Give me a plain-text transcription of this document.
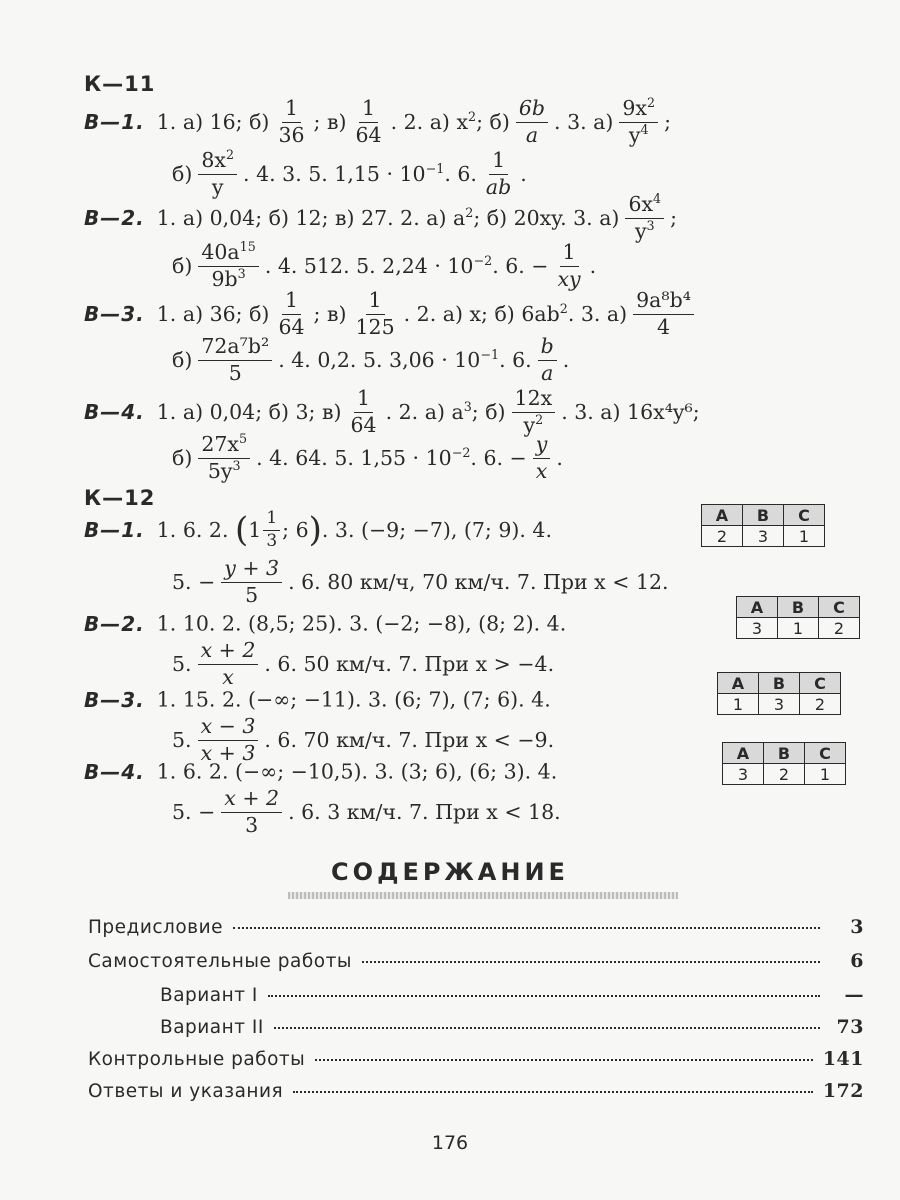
К—11
В—1. 1. а) 16; $б) \frac{1}{36}$ ; $в) \frac{1}{64}$ . 2. а) $x^2$; $б) \frac{6b}{a}$ . 3. $а) \frac{9x^2}{y^4}$ ;
$б) \frac{8x^2}{y}$ . 4. 3. 5. $1,15 \cdot 10^{-1}$. 6. $\frac{1}{ab}$ .
В—2. 1. а) 0,04; б) 12; в) 27. 2. а) $a^2$; б) 20xy. 3. $а) \frac{6x^4}{y^3}$ ;
$б) \frac{40a^{15}}{9b^3}$ . 4. 512. 5. $2,24 \cdot 10^{-2}$. 6. − $\frac{1}{xy}$ .
В—3. 1. а) 36; $б) \frac{1}{64}$ ; $в) \frac{1}{125}$ . 2. а) x; б) $6ab^2$. 3. $а) \frac{\text{9a⁸b⁴}}{4}$
$б) \frac{\text{72a⁷b²}}{5}$ . 4. 0,2. 5. $3,06 \cdot 10^{-1}$. 6. $\frac{b}{a}$ .
В—4. 1. а) 0,04; б) 3; $в) \frac{1}{64}$ . 2. а) $a^3$; $б) \frac{12x}{y^2}$ . 3. а) 16x⁴y⁶;
$б) \frac{27x^5}{5y^3}$ . 4. 64. 5. $1,55 \cdot 10^{-2}$. 6. − $\frac{y}{x}$ .
К—12
В—1. 1. 6. 2. ($1 \frac{1}{3}$ ; 6). 3. (−9; −7), (7; 9). 4.
5. − $\frac{y + 3}{5}$ . 6. 80 км/ч, 70 км/ч. 7. При x < 12.
А	В	С
2	3	1
В—2. 1. 10. 2. (8,5; 25). 3. (−2; −8), (8; 2). 4.
5. $\frac{x + 2}{x}$ . 6. 50 км/ч. 7. При x > −4.
А	В	С
3	1	2
В—3. 1. 15. 2. (−∞; −11). 3. (6; 7), (7; 6). 4.
5. $\frac{x - 3}{x + 3}$ . 6. 70 км/ч. 7. При x < −9.
А	В	С
1	3	2
В—4. 1. 6. 2. (−∞; −10,5). 3. (3; 6), (6; 3). 4.
5. − $\frac{x + 2}{3}$ . 6. 3 км/ч. 7. При x < 18.
А	В	С
3	2	1
СОДЕРЖАНИЕ
Предисловие	3
Самостоятельные работы	6
Вариант I	—
Вариант II	73
Контрольные работы	141
Ответы и указания	172
176
